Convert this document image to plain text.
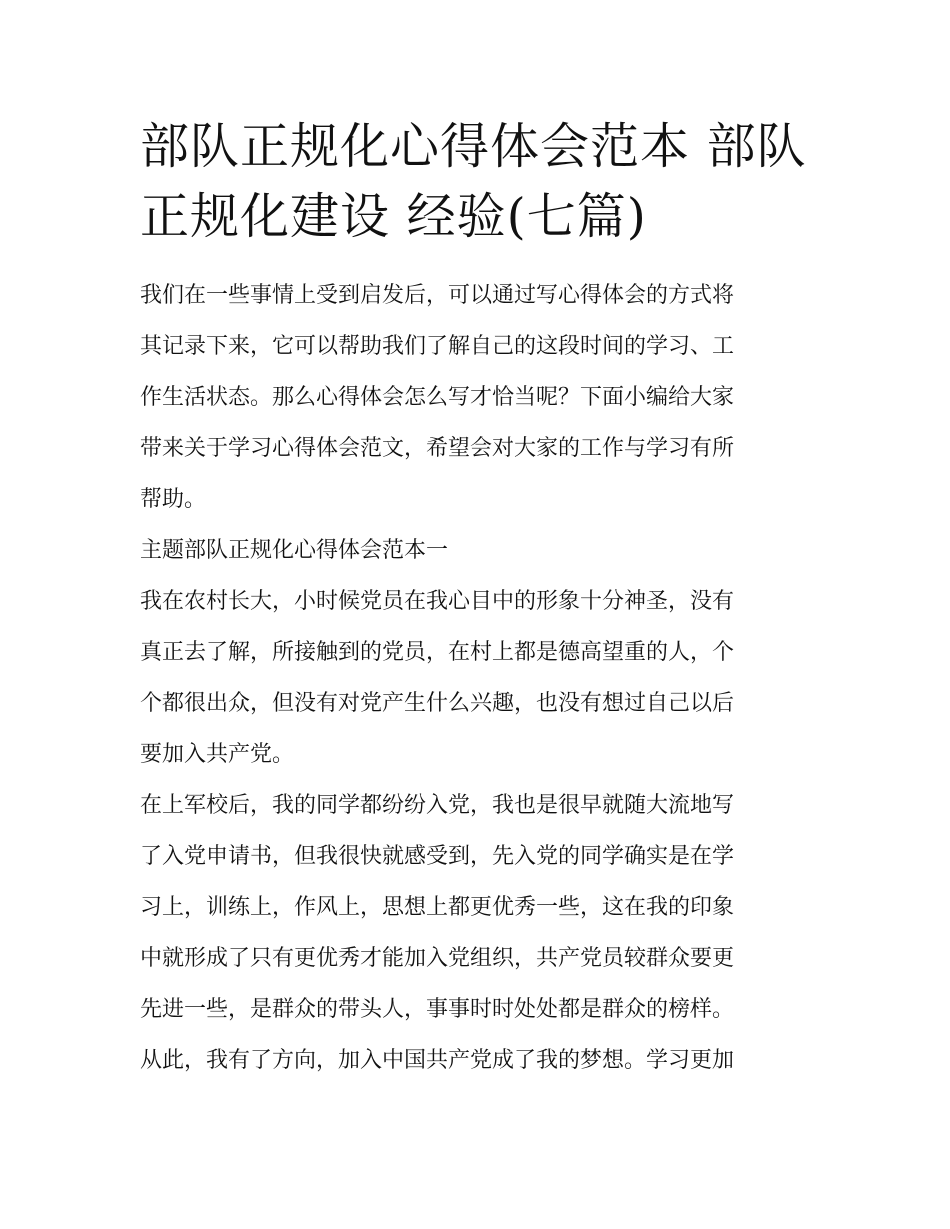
部队正规化心得体会范本 部队
正规化建设 经验(七篇)

我们在一些事情上受到启发后，可以通过写心得体会的方式将
其记录下来，它可以帮助我们了解自己的这段时间的学习、工
作生活状态。那么心得体会怎么写才恰当呢？下面小编给大家
带来关于学习心得体会范文，希望会对大家的工作与学习有所
帮助。

主题部队正规化心得体会范本一

我在农村长大，小时候党员在我心目中的形象十分神圣，没有
真正去了解，所接触到的党员，在村上都是德高望重的人，个
个都很出众，但没有对党产生什么兴趣，也没有想过自己以后
要加入共产党。

在上军校后，我的同学都纷纷入党，我也是很早就随大流地写
了入党申请书，但我很快就感受到，先入党的同学确实是在学
习上，训练上，作风上，思想上都更优秀一些，这在我的印象
中就形成了只有更优秀才能加入党组织，共产党员较群众要更
先进一些，是群众的带头人，事事时时处处都是群众的榜样。
从此，我有了方向，加入中国共产党成了我的梦想。学习更加
